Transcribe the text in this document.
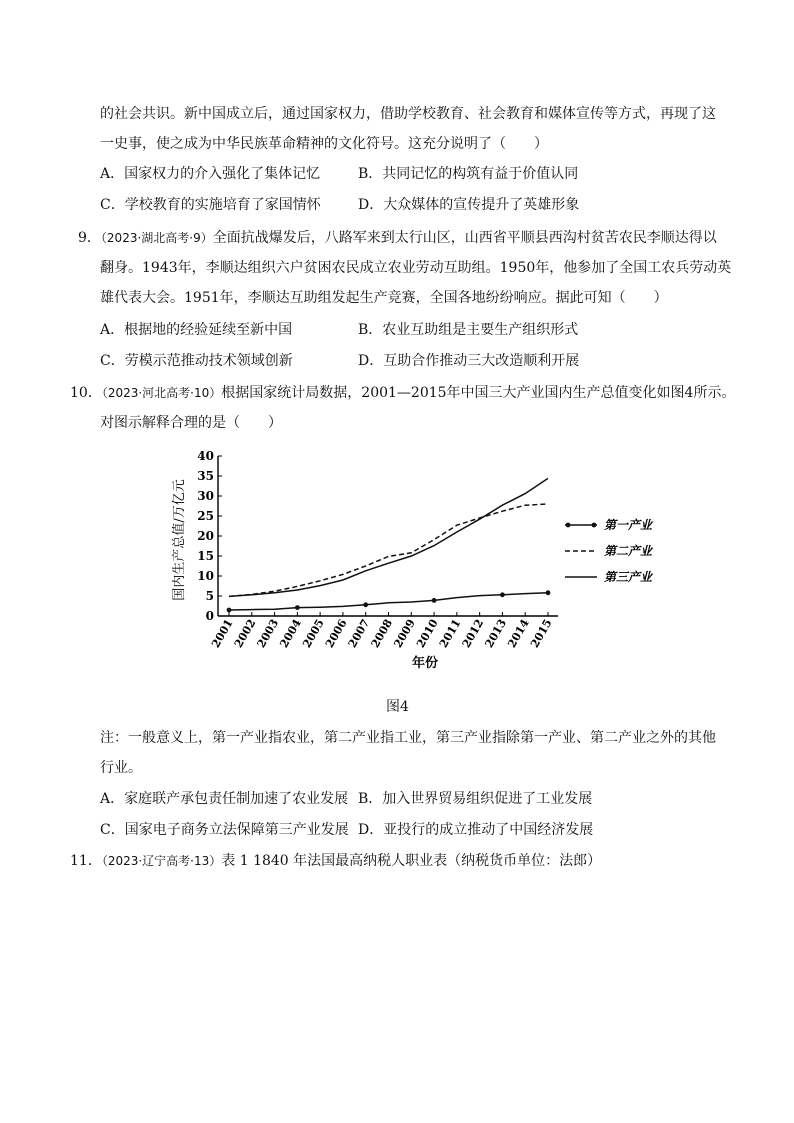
的社会共识。新中国成立后，通过国家权力，借助学校教育、社会教育和媒体宣传等方式，再现了这
一史事，使之成为中华民族革命精神的文化符号。这充分说明了（　　）
A．国家权力的介入强化了集体记忆	B．共同记忆的构筑有益于价值认同
C．学校教育的实施培育了家国情怀	D．大众媒体的宣传提升了英雄形象
9．（2023·湖北高考·9）全面抗战爆发后，八路军来到太行山区，山西省平顺县西沟村贫苦农民李顺达得以
翻身。1943年，李顺达组织六户贫困农民成立农业劳动互助组。1950年，他参加了全国工农兵劳动英
雄代表大会。1951年，李顺达互助组发起生产竞赛，全国各地纷纷响应。据此可知（　　）
A．根据地的经验延续至新中国	B．农业互助组是主要生产组织形式
C．劳模示范推动技术领域创新	D．互助合作推动三大改造顺利开展
10．（2023·河北高考·10）根据国家统计局数据，2001—2015年中国三大产业国内生产总值变化如图4所示。
对图示解释合理的是（　　）
0
5
10
15
20
25
30
35
40
2001
2002
2003
2004
2005
2006
2007
2008
2009
2010
2011
2012
2013
2014
2015
第一产业
第二产业
第三产业
国内生产总值/万亿元
年份
图4
注：一般意义上，第一产业指农业，第二产业指工业，第三产业指除第一产业、第二产业之外的其他
行业。
A．家庭联产承包责任制加速了农业发展 B．加入世界贸易组织促进了工业发展
C．国家电子商务立法保障第三产业发展 D．亚投行的成立推动了中国经济发展
11．（2023·辽宁高考·13）表 1 1840 年法国最高纳税人职业表（纳税货币单位：法郎）
